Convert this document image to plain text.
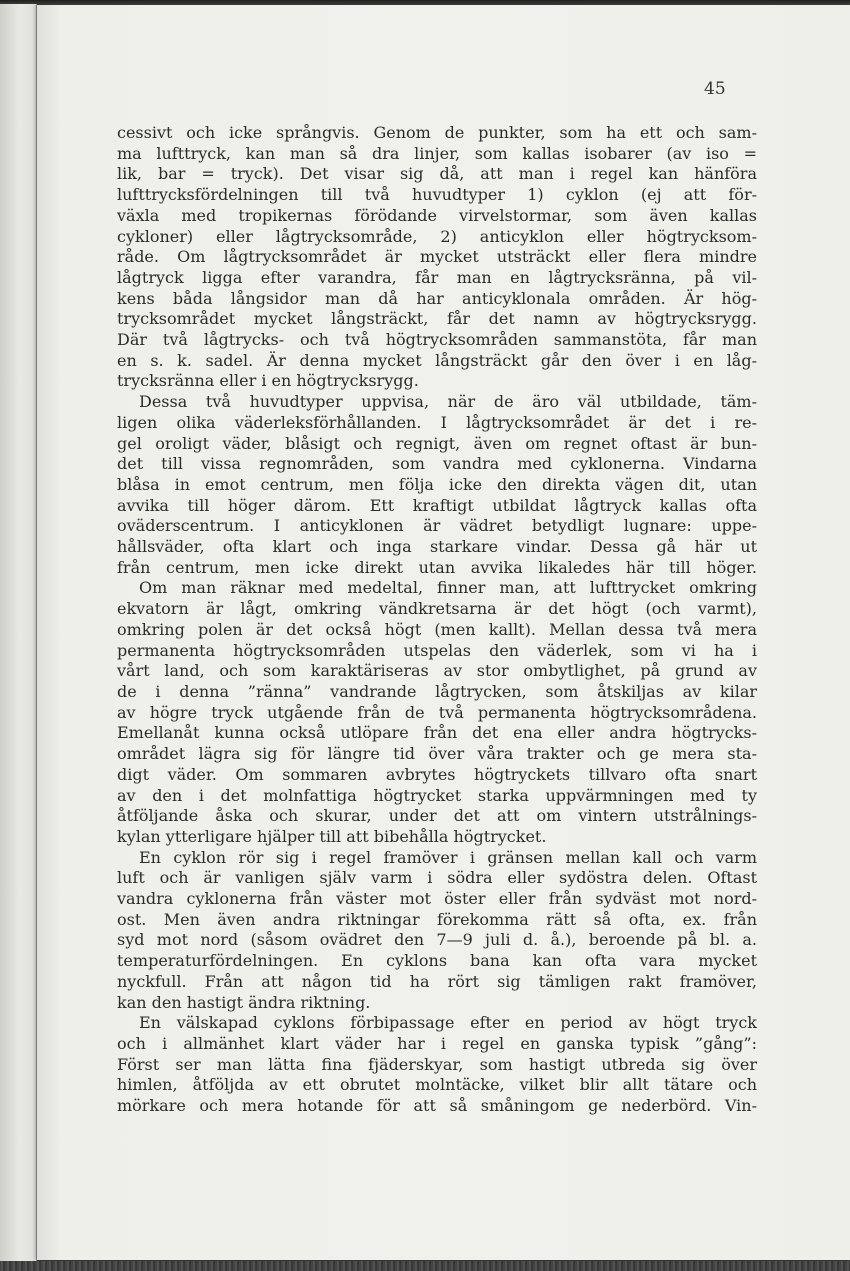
45

cessivt och icke språngvis. Genom de punkter, som ha ett och sam-
ma lufttryck, kan man så dra linjer, som kallas isobarer (av iso =
lik, bar = tryck). Det visar sig då, att man i regel kan hänföra
lufttrycksfördelningen till två huvudtyper 1) cyklon (ej att för-
växla med tropikernas förödande virvelstormar, som även kallas
cykloner) eller lågtrycksområde, 2) anticyklon eller högtrycksom-
råde. Om lågtrycksområdet är mycket utsträckt eller flera mindre
lågtryck ligga efter varandra, får man en lågtrycksränna, på vil-
kens båda långsidor man då har anticyklonala områden. Är hög-
trycksområdet mycket långsträckt, får det namn av högtrycksrygg.
Där två lågtrycks- och två högtrycksområden sammanstöta, får man
en s. k. sadel. Är denna mycket långsträckt går den över i en låg-
trycksränna eller i en högtrycksrygg.
Dessa två huvudtyper uppvisa, när de äro väl utbildade, täm-
ligen olika väderleksförhållanden. I lågtrycksområdet är det i re-
gel oroligt väder, blåsigt och regnigt, även om regnet oftast är bun-
det till vissa regnområden, som vandra med cyklonerna. Vindarna
blåsa in emot centrum, men följa icke den direkta vägen dit, utan
avvika till höger därom. Ett kraftigt utbildat lågtryck kallas ofta
oväderscentrum. I anticyklonen är vädret betydligt lugnare: uppe-
hållsväder, ofta klart och inga starkare vindar. Dessa gå här ut
från centrum, men icke direkt utan avvika likaledes här till höger.
Om man räknar med medeltal, finner man, att lufttrycket omkring
ekvatorn är lågt, omkring vändkretsarna är det högt (och varmt),
omkring polen är det också högt (men kallt). Mellan dessa två mera
permanenta högtrycksområden utspelas den väderlek, som vi ha i
vårt land, och som karaktäriseras av stor ombytlighet, på grund av
de i denna ”ränna” vandrande lågtrycken, som åtskiljas av kilar
av högre tryck utgående från de två permanenta högtrycksområdena.
Emellanåt kunna också utlöpare från det ena eller andra högtrycks-
området lägra sig för längre tid över våra trakter och ge mera sta-
digt väder. Om sommaren avbrytes högtryckets tillvaro ofta snart
av den i det molnfattiga högtrycket starka uppvärmningen med ty
åtföljande åska och skurar, under det att om vintern utstrålnings-
kylan ytterligare hjälper till att bibehålla högtrycket.
En cyklon rör sig i regel framöver i gränsen mellan kall och varm
luft och är vanligen själv varm i södra eller sydöstra delen. Oftast
vandra cyklonerna från väster mot öster eller från sydväst mot nord-
ost. Men även andra riktningar förekomma rätt så ofta, ex. från
syd mot nord (såsom ovädret den 7—9 juli d. å.), beroende på bl. a.
temperaturfördelningen. En cyklons bana kan ofta vara mycket
nyckfull. Från att någon tid ha rört sig tämligen rakt framöver,
kan den hastigt ändra riktning.
En välskapad cyklons förbipassage efter en period av högt tryck
och i allmänhet klart väder har i regel en ganska typisk ”gång”:
Först ser man lätta fina fjäderskyar, som hastigt utbreda sig över
himlen, åtföljda av ett obrutet molntäcke, vilket blir allt tätare och
mörkare och mera hotande för att så småningom ge nederbörd. Vin-
